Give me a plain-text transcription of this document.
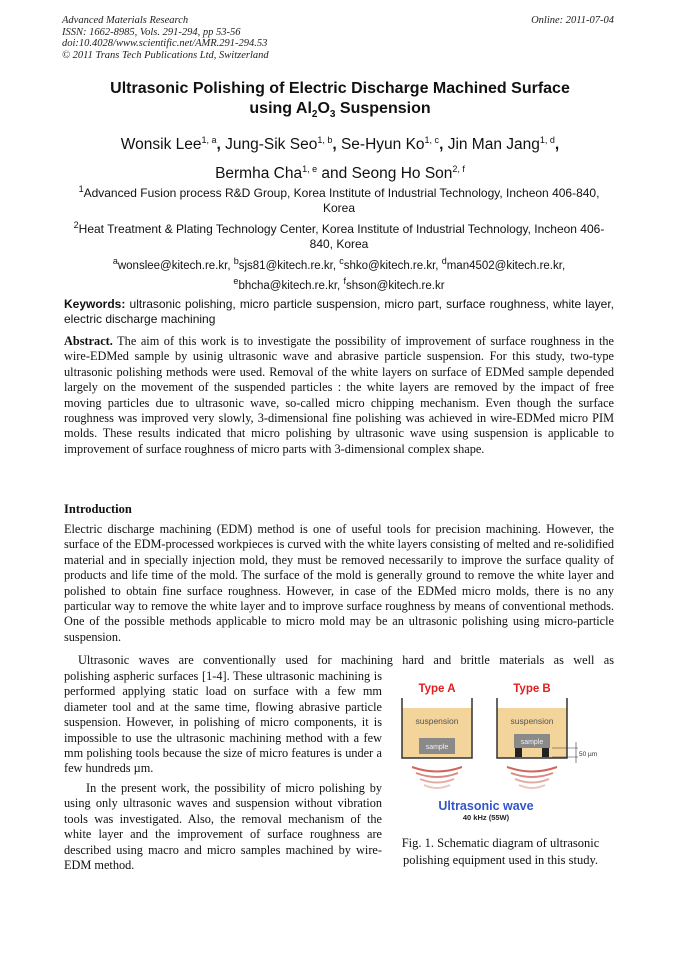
Advanced Materials Research
ISSN: 1662-8985, Vols. 291-294, pp 53-56
doi:10.4028/www.scientific.net/AMR.291-294.53
© 2011 Trans Tech Publications Ltd, Switzerland
Online: 2011-07-04
Ultrasonic Polishing of Electric Discharge Machined Surface
using $Al_2O_3$ Suspension
Wonsik Lee$^{1, a}$, Jung-Sik Seo$^{1, b}$, Se-Hyun Ko$^{1, c}$, Jin Man Jang$^{1, d}$,
Bermha Cha$^{1, e}$ and Seong Ho Son$^{2, f}$
$^1$Advanced Fusion process R&D Group, Korea Institute of Industrial Technology, Incheon 406-840, Korea
$^2$Heat Treatment & Plating Technology Center, Korea Institute of Industrial Technology, Incheon 406-840, Korea
$^a$wonslee@kitech.re.kr, $^b$sjs81@kitech.re.kr, $^c$shko@kitech.re.kr, $^d$man4502@kitech.re.kr,
$^e$bhcha@kitech.re.kr, $^f$shson@kitech.re.kr
Keywords: ultrasonic polishing, micro particle suspension, micro part, surface roughness, white layer, electric discharge machining
Abstract. The aim of this work is to investigate the possibility of improvement of surface roughness in the wire-EDMed sample by usinig ultrasonic wave and abrasive particle suspension. For this study, two-type ultrasonic polishing methods were used. Removal of the white layers on surface of EDMed sample depended largely on the movement of the suspended particles : the white layers are removed by the impact of free moving particles due to ultrasonic wave, so-called micro chipping mechanism. Even though the surface roughness was improved very slowly, 3-dimensional fine polishing was achieved in wire-EDMed micro PIM molds. These results indicated that micro polishing by ultrasonic wave using suspension is applicable to improvement of surface roughness of micro parts with 3-dimensional complex shape.
Introduction
Electric discharge machining (EDM) method is one of useful tools for precision machining. However, the surface of the EDM-processed workpieces is curved with the white layers consisting of melted and re-solidified material and in specially injection mold, they must be removed necessarily to improve the surface quality of products and life time of the mold. The surface of the mold is generally ground to remove the white layer and polished to obtain fine surface roughness. However, in case of the EDMed micro molds, there is no any particular way to remove the white layer and to improve surface roughness by means of conventional methods. One of the possible methods applicable to micro mold may be an ultrasonic polishing using micro-particle suspension.
Ultrasonic waves are conventionally used for machining hard and brittle materials as well as
polishing aspheric surfaces [1-4]. These ultrasonic machining is performed applying static load on surface with a few mm diameter tool and at the same time, flowing abrasive particle suspension. However, in polishing of micro components, it is impossible to use the ultrasonic machining method with a few mm polishing tools because the size of micro features is under a few hundreds µm.
In the present work, the possibility of micro polishing by using only ultrasonic waves and suspension without vibration tools was investigated. Also, the removal mechanism of the white layer and the improvement of surface roughness are described using macro and micro samples machined by wire-EDM method.
Type A
suspension
sample
Type B
suspension
sample
50 µm
Ultrasonic wave
40 kHz (55W)
Fig. 1. Schematic diagram of ultrasonic polishing equipment used in this study.
